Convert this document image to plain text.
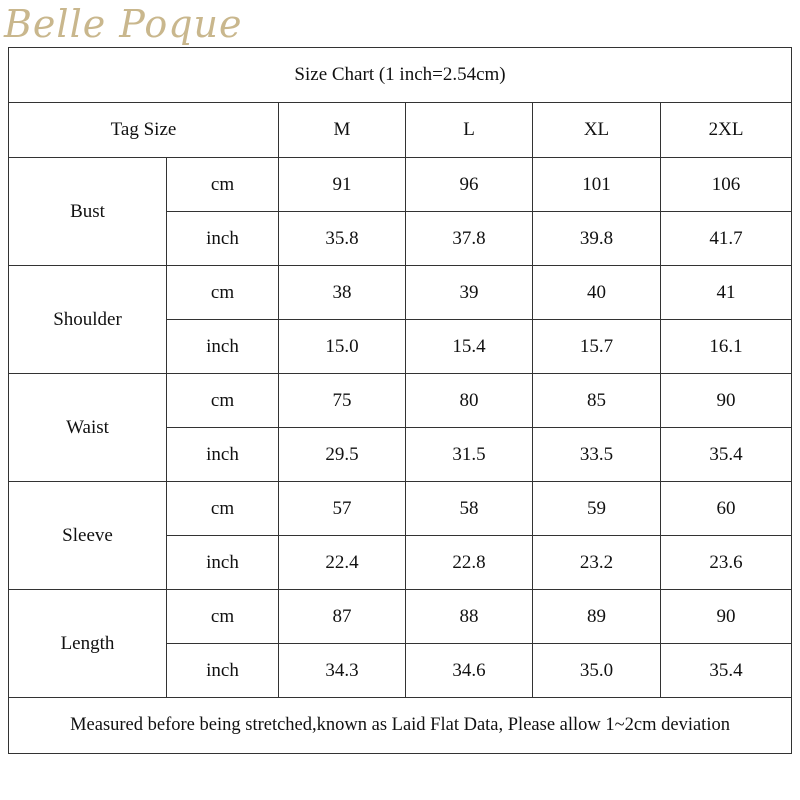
Belle Poque
Size Chart (1 inch=2.54cm)					
Tag Size		M	L	XL	2XL
Bust	cm	91	96	101	106
	inch	35.8	37.8	39.8	41.7
Shoulder	cm	38	39	40	41
	inch	15.0	15.4	15.7	16.1
Waist	cm	75	80	85	90
	inch	29.5	31.5	33.5	35.4
Sleeve	cm	57	58	59	60
	inch	22.4	22.8	23.2	23.6
Length	cm	87	88	89	90
	inch	34.3	34.6	35.0	35.4
Measured before being stretched,known as Laid Flat Data, Please allow 1~2cm deviation					
